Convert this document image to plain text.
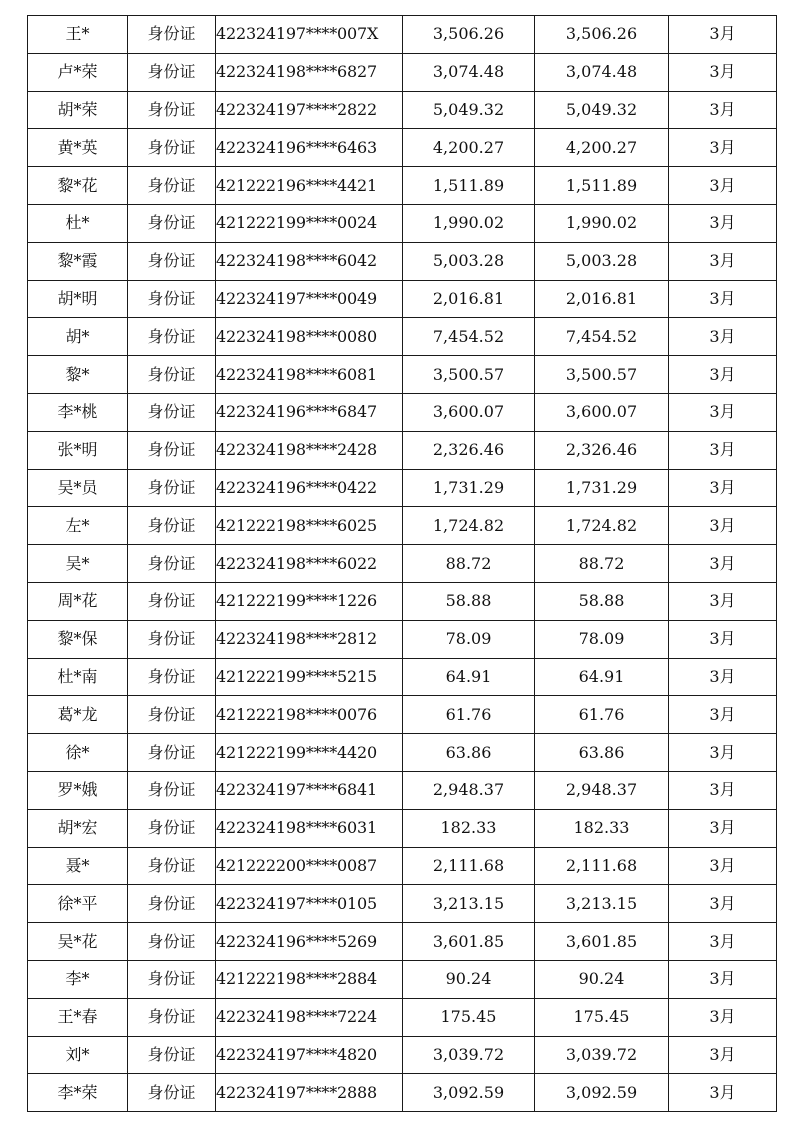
王*	身份证	422324197****007X	3,506.26	3,506.26	3月
卢*荣	身份证	422324198****6827	3,074.48	3,074.48	3月
胡*荣	身份证	422324197****2822	5,049.32	5,049.32	3月
黄*英	身份证	422324196****6463	4,200.27	4,200.27	3月
黎*花	身份证	421222196****4421	1,511.89	1,511.89	3月
杜*	身份证	421222199****0024	1,990.02	1,990.02	3月
黎*霞	身份证	422324198****6042	5,003.28	5,003.28	3月
胡*明	身份证	422324197****0049	2,016.81	2,016.81	3月
胡*	身份证	422324198****0080	7,454.52	7,454.52	3月
黎*	身份证	422324198****6081	3,500.57	3,500.57	3月
李*桃	身份证	422324196****6847	3,600.07	3,600.07	3月
张*明	身份证	422324198****2428	2,326.46	2,326.46	3月
吴*员	身份证	422324196****0422	1,731.29	1,731.29	3月
左*	身份证	421222198****6025	1,724.82	1,724.82	3月
吴*	身份证	422324198****6022	88.72	88.72	3月
周*花	身份证	421222199****1226	58.88	58.88	3月
黎*保	身份证	422324198****2812	78.09	78.09	3月
杜*南	身份证	421222199****5215	64.91	64.91	3月
葛*龙	身份证	421222198****0076	61.76	61.76	3月
徐*	身份证	421222199****4420	63.86	63.86	3月
罗*娥	身份证	422324197****6841	2,948.37	2,948.37	3月
胡*宏	身份证	422324198****6031	182.33	182.33	3月
聂*	身份证	421222200****0087	2,111.68	2,111.68	3月
徐*平	身份证	422324197****0105	3,213.15	3,213.15	3月
吴*花	身份证	422324196****5269	3,601.85	3,601.85	3月
李*	身份证	421222198****2884	90.24	90.24	3月
王*春	身份证	422324198****7224	175.45	175.45	3月
刘*	身份证	422324197****4820	3,039.72	3,039.72	3月
李*荣	身份证	422324197****2888	3,092.59	3,092.59	3月
